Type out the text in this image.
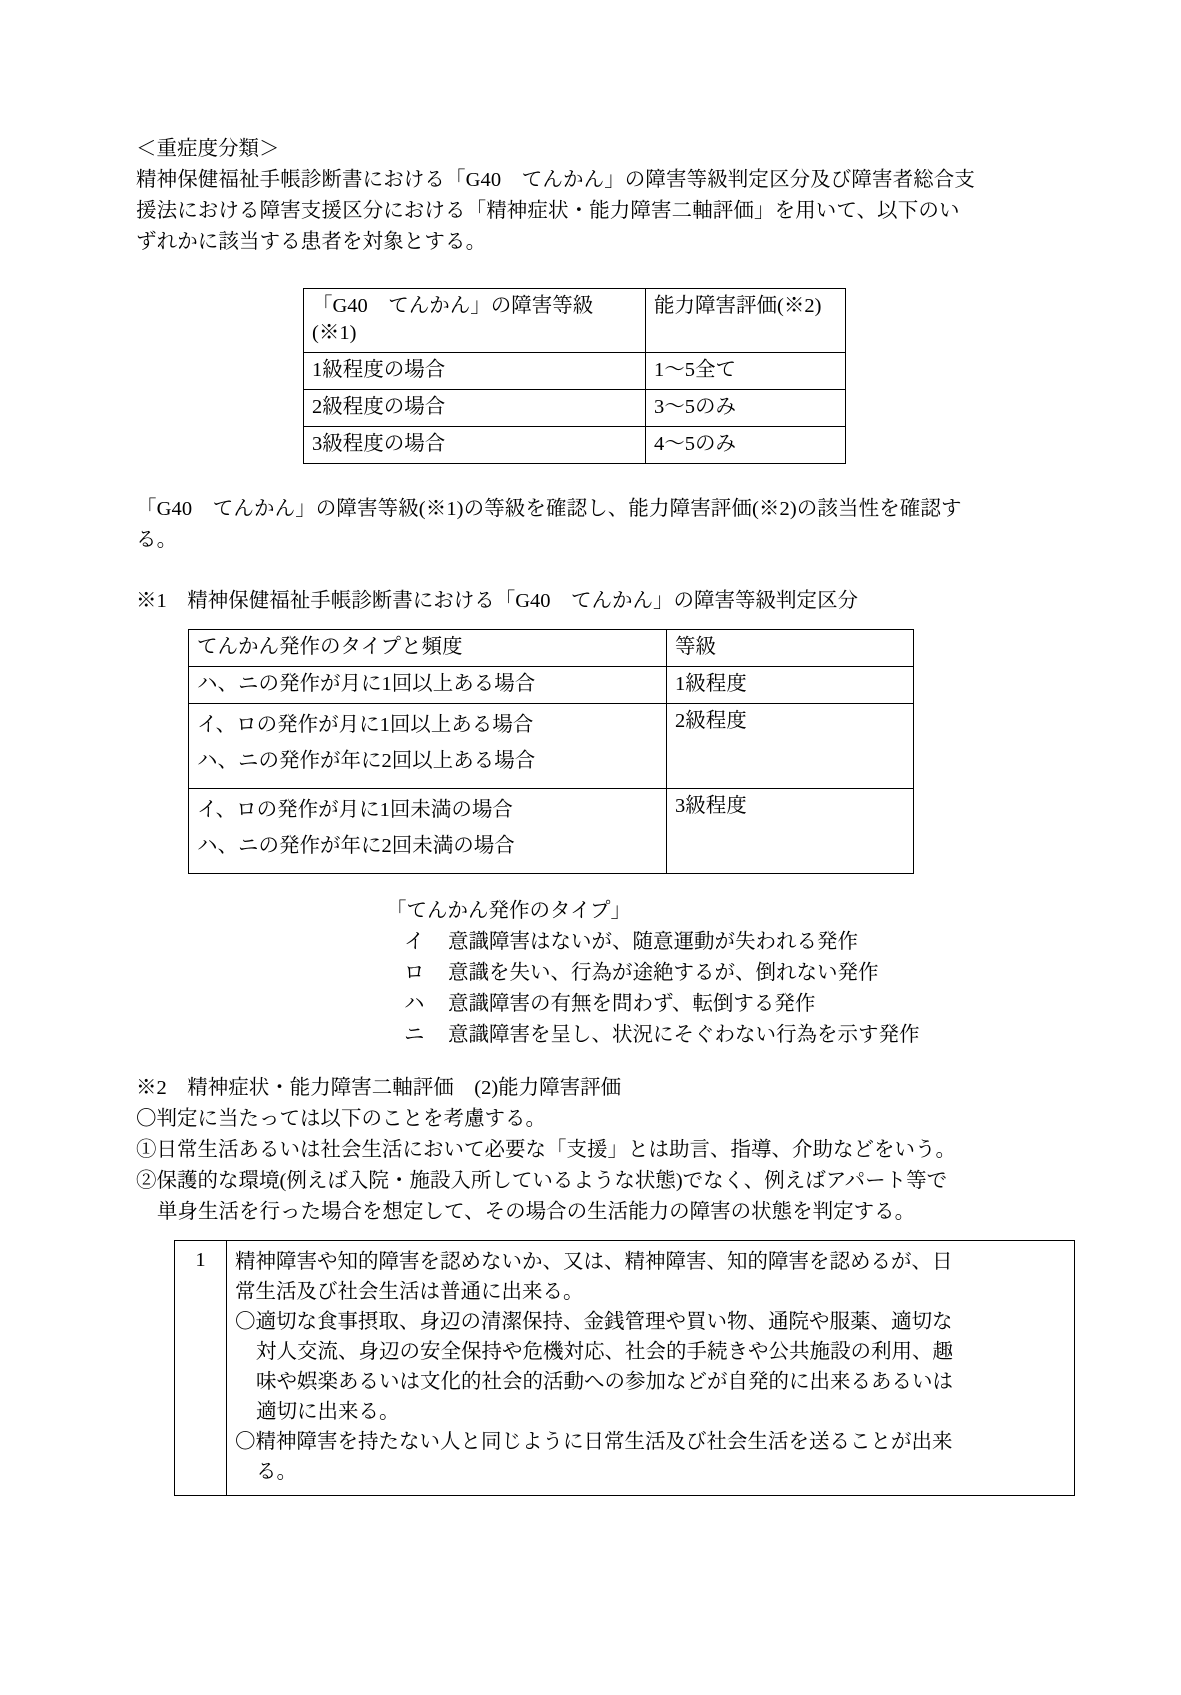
＜重症度分類＞
精神保健福祉手帳診断書における「G40　てんかん」の障害等級判定区分及び障害者総合支
援法における障害支援区分における「精神症状・能力障害二軸評価」を用いて、以下のい
ずれかに該当する患者を対象とする。
「G40　てんかん」の障害等級(※1)	能力障害評価(※2)
1級程度の場合	1〜5全て
2級程度の場合	3〜5のみ
3級程度の場合	4〜5のみ
「G40　てんかん」の障害等級(※1)の等級を確認し、能力障害評価(※2)の該当性を確認す
る。
※1　精神保健福祉手帳診断書における「G40　てんかん」の障害等級判定区分
てんかん発作のタイプと頻度	等級
ハ、ニの発作が月に1回以上ある場合	1級程度

イ、ロの発作が月に1回以上ある場合
ハ、ニの発作が年に2回以上ある場合	2級程度

イ、ロの発作が月に1回未満の場合
ハ、ニの発作が年に2回未満の場合	3級程度
「てんかん発作のタイプ」
イ 意識障害はないが、随意運動が失われる発作
ロ 意識を失い、行為が途絶するが、倒れない発作
ハ 意識障害の有無を問わず、転倒する発作
ニ 意識障害を呈し、状況にそぐわない行為を示す発作
※2　精神症状・能力障害二軸評価　(2)能力障害評価
〇判定に当たっては以下のことを考慮する。
①日常生活あるいは社会生活において必要な「支援」とは助言、指導、介助などをいう。
②保護的な環境(例えば入院・施設入所しているような状態)でなく、例えばアパート等で
単身生活を行った場合を想定して、その場合の生活能力の障害の状態を判定する。
1	精神障害や知的障害を認めないか、又は、精神障害、知的障害を認めるが、日
常生活及び社会生活は普通に出来る。
〇適切な食事摂取、身辺の清潔保持、金銭管理や買い物、通院や服薬、適切な
対人交流、身辺の安全保持や危機対応、社会的手続きや公共施設の利用、趣
味や娯楽あるいは文化的社会的活動への参加などが自発的に出来るあるいは
適切に出来る。
〇精神障害を持たない人と同じように日常生活及び社会生活を送ることが出来
る。
